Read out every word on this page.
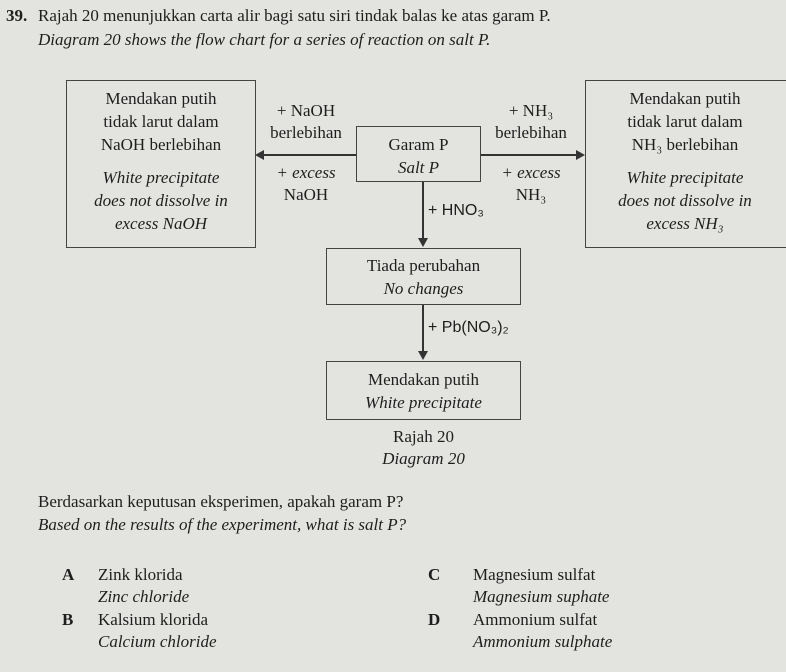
39. Rajah 20 menunjukkan carta alir bagi satu siri tindak balas ke atas garam P.
Diagram 20 shows the flow chart for a series of reaction on salt P.
Mendakan putih
tidak larut dalam
NaOH berlebihan
White precipitate
does not dissolve in
excess NaOH
Mendakan putih
tidak larut dalam
NH₃ berlebihan
White precipitate
does not dissolve in
excess NH₃
Garam P
Salt P
+ NaOH
berlebihan
+ excess
NaOH
+ NH₃
berlebihan
+ excess
NH₃
+ HNO₃
Tiada perubahan
No changes
+ Pb(NO₃)₂
Mendakan putih
White precipitate
Rajah 20
Diagram 20
Berdasarkan keputusan eksperimen, apakah garam P?
Based on the results of the experiment, what is salt P?
A Zink klorida
Zinc chloride
B Kalsium klorida
Calcium chloride
C Magnesium sulfat
Magnesium suphate
D Ammonium sulfat
Ammonium sulphate
